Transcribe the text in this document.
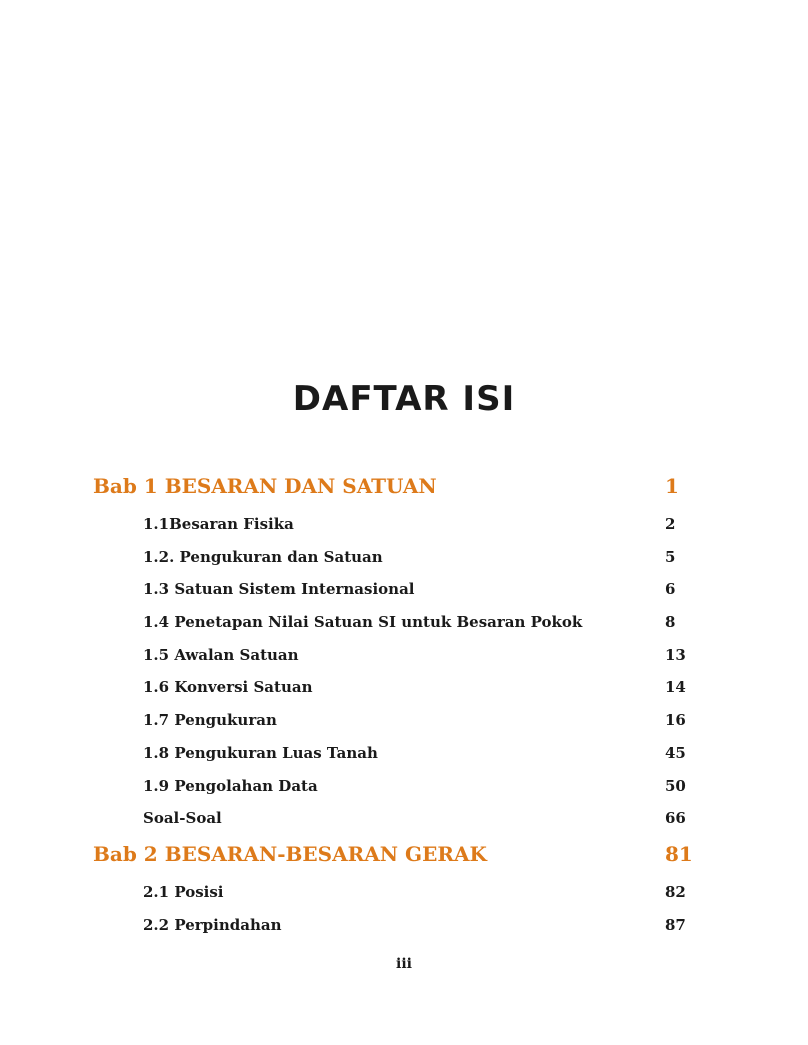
DAFTAR ISI
Bab 1 BESARAN DAN SATUAN	1
1.1Besaran Fisika	2
1.2. Pengukuran dan Satuan	5
1.3 Satuan Sistem Internasional	6
1.4 Penetapan Nilai Satuan SI untuk Besaran Pokok	8
1.5 Awalan Satuan	13
1.6 Konversi Satuan	14
1.7 Pengukuran	16
1.8 Pengukuran Luas Tanah	45
1.9 Pengolahan Data	50
Soal-Soal	66
Bab 2 BESARAN-BESARAN GERAK	81
2.1 Posisi	82
2.2 Perpindahan	87
iii
